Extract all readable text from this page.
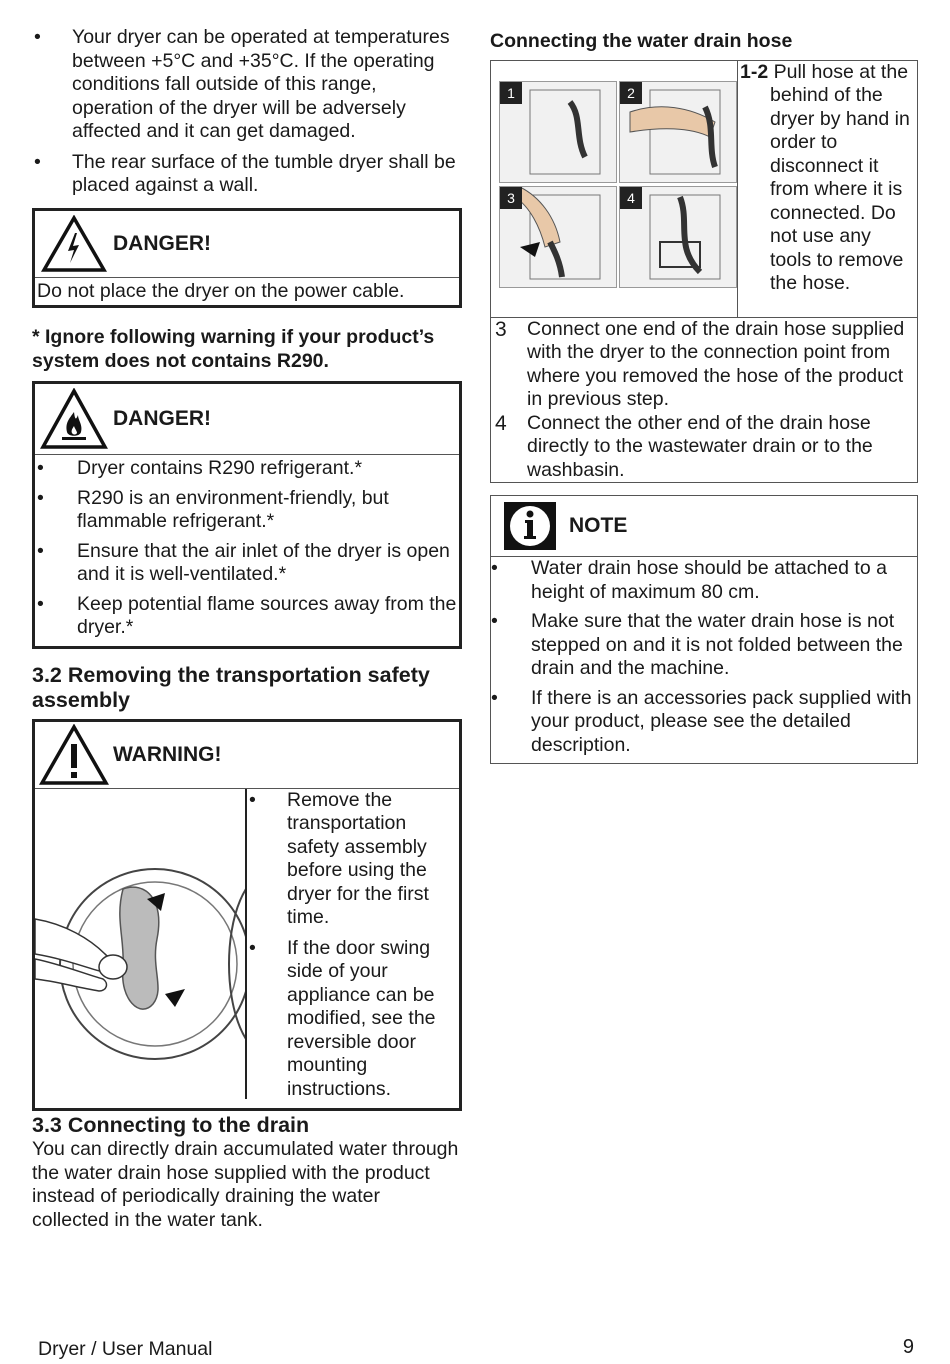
• Your dryer can be operated at temperatures between +5°C and +35°C. If the operating conditions fall outside of this range, operation of the dryer will be adversely affected and it can get damaged.
• The rear surface of the tumble dryer shall be placed against a wall.
DANGER!
Do not place the dryer on the power cable.
* Ignore following warning if your product’s system does not contains R290.
DANGER!
• Dryer contains R290 refrigerant.*
• R290 is an environment-friendly, but flammable refrigerant.*
• Ensure that the air inlet of the dryer is open and it is well-ventilated.*
• Keep potential flame sources away from the dryer.*
3.2 Removing the transportation safety assembly
WARNING!
• Remove the transportation safety assembly before using the dryer for the first time.
• If the door swing side of your appliance can be modified, see the reversible door mounting instructions.
3.3 Connecting to the drain
You can directly drain accumulated water through the water drain hose supplied with the product instead of periodically draining the water collected in the water tank.
Connecting the water drain hose
1	2
3	4
1-2 Pull hose at the behind of the dryer by hand in order to disconnect it from where it is connected. Do not use any tools to remove the hose.
3	Connect one end of the drain hose supplied with the dryer to the connection point from where you removed the hose of the product in previous step.
4	Connect the other end of the drain hose directly to the wastewater drain or to the washbasin.
NOTE
• Water drain hose should be attached to a height of maximum 80 cm.
• Make sure that the water drain hose is not stepped on and it is not folded between the drain and the machine.
• If there is an accessories pack supplied with your product, please see the detailed description.
Dryer / User Manual	9
